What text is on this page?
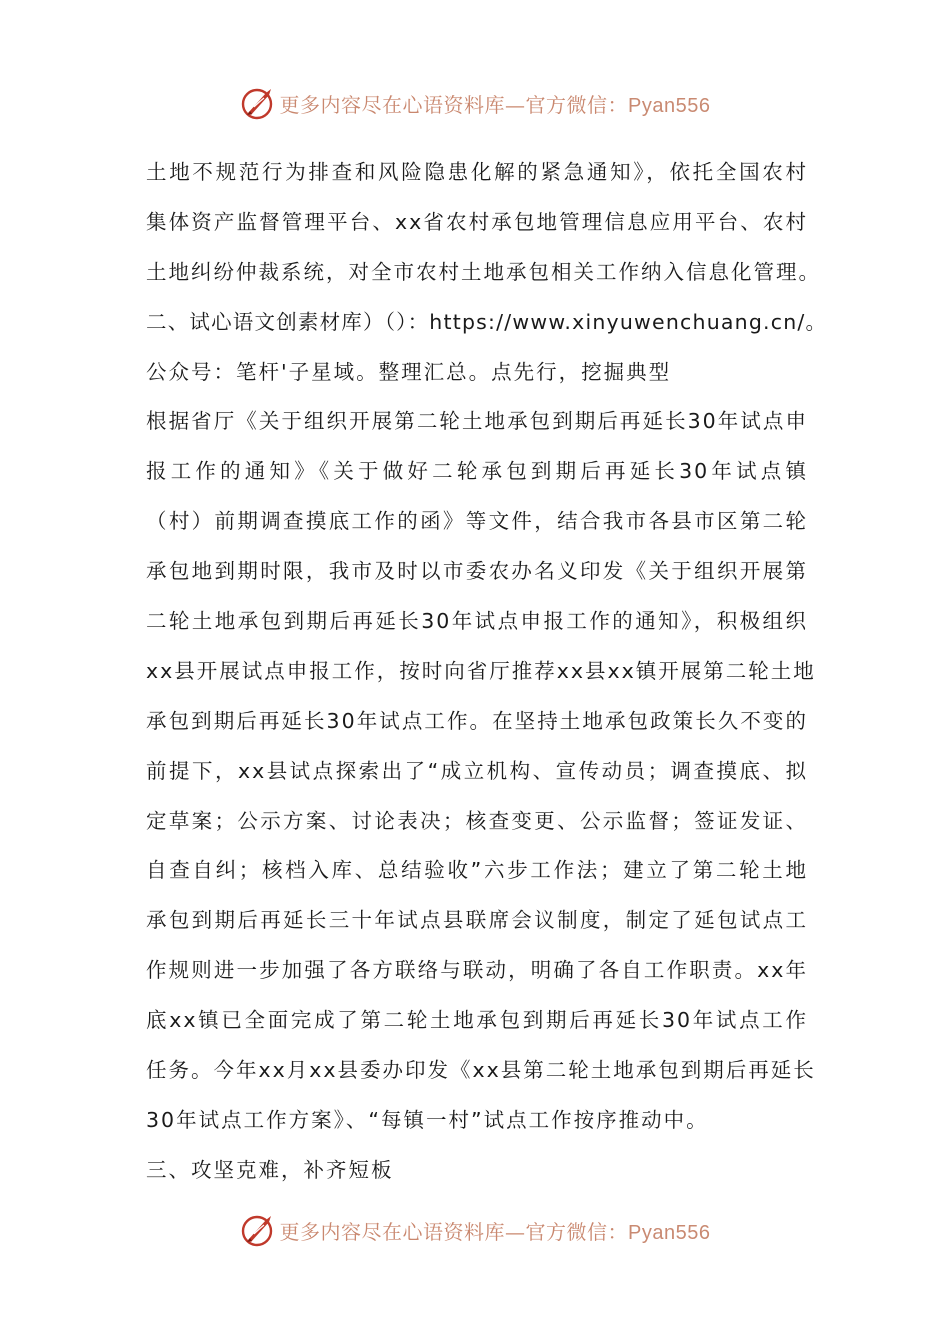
更多内容尽在心语资料库—官方微信：Pyan556
土地不规范行为排查和风险隐患化解的紧急通知》，依托全国农村
集体资产监督管理平台、xx省农村承包地管理信息应用平台、农村
土地纠纷仲裁系统，对全市农村土地承包相关工作纳入信息化管理。
二、试心语文创素材库）（）：https://www.xinyuwenchuang.cn/。
公众号：笔杆'子星域。整理汇总。点先行，挖掘典型
根据省厅《关于组织开展第二轮土地承包到期后再延长30年试点申
报工作的通知》《关于做好二轮承包到期后再延长30年试点镇
（村）前期调查摸底工作的函》等文件，结合我市各县市区第二轮
承包地到期时限，我市及时以市委农办名义印发《关于组织开展第
二轮土地承包到期后再延长30年试点申报工作的通知》，积极组织
xx县开展试点申报工作，按时向省厅推荐xx县xx镇开展第二轮土地
承包到期后再延长30年试点工作。在坚持土地承包政策长久不变的
前提下，xx县试点探索出了“成立机构、宣传动员；调查摸底、拟
定草案；公示方案、讨论表决；核查变更、公示监督；签证发证、
自查自纠；核档入库、总结验收”六步工作法；建立了第二轮土地
承包到期后再延长三十年试点县联席会议制度，制定了延包试点工
作规则进一步加强了各方联络与联动，明确了各自工作职责。xx年
底xx镇已全面完成了第二轮土地承包到期后再延长30年试点工作
任务。今年xx月xx县委办印发《xx县第二轮土地承包到期后再延长
30年试点工作方案》、“每镇一村”试点工作按序推动中。
三、攻坚克难，补齐短板
更多内容尽在心语资料库—官方微信：Pyan556
